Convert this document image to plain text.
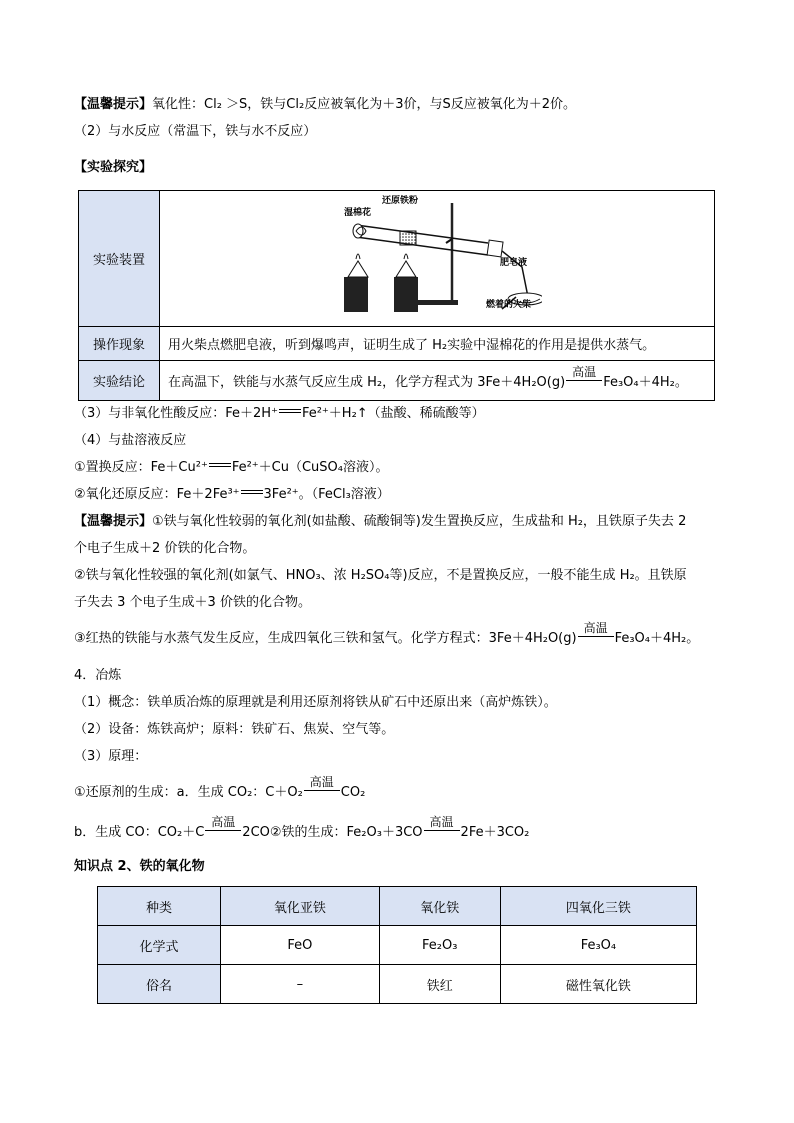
【温馨提示】氧化性：Cl₂ ＞S，铁与Cl₂反应被氧化为＋3价，与S反应被氧化为＋2价。
（2）与水反应（常温下，铁与水不反应）
【实验探究】
实验装置	湿棉花
还原铁粉
肥皂液
燃着的火柴

操作现象	用火柴点燃肥皂液，听到爆鸣声，证明生成了 H₂实验中湿棉花的作用是提供水蒸气。
实验结论	在高温下，铁能与水蒸气反应生成 H₂，化学方程式为 3Fe＋4H₂O(g)
高温
Fe₃O₄＋4H₂。
（3）与非氧化性酸反应：Fe＋2H⁺ Fe²⁺＋H₂↑（盐酸、稀硫酸等）
（4）与盐溶液反应
①置换反应：Fe＋Cu²⁺ Fe²⁺＋Cu（CuSO₄溶液）。
②氧化还原反应：Fe＋2Fe³⁺ 3Fe²⁺。（FeCl₃溶液）
【温馨提示】①铁与氧化性较弱的氧化剂(如盐酸、硫酸铜等)发生置换反应，生成盐和 H₂，且铁原子失去 2
个电子生成＋2 价铁的化合物。
②铁与氧化性较强的氧化剂(如氯气、HNO₃、浓 H₂SO₄等)反应，不是置换反应，一般不能生成 H₂。且铁原
子失去 3 个电子生成＋3 价铁的化合物。
③红热的铁能与水蒸气发生反应，生成四氧化三铁和氢气。化学方程式：3Fe＋4H₂O(g)
高温
Fe₃O₄＋4H₂。
4．冶炼
（1）概念：铁单质冶炼的原理就是利用还原剂将铁从矿石中还原出来（高炉炼铁）。
（2）设备：炼铁高炉；原料：铁矿石、焦炭、空气等。
（3）原理：
①还原剂的生成：a．生成 CO₂：C＋O₂
高温
CO₂
b．生成 CO：CO₂＋C
高温
2CO②铁的生成：Fe₂O₃＋3CO
高温
2Fe＋3CO₂
知识点 2、铁的氧化物
种类	氧化亚铁	氧化铁	四氧化三铁
化学式	FeO	Fe₂O₃	Fe₃O₄
俗名	–	铁红	磁性氧化铁
